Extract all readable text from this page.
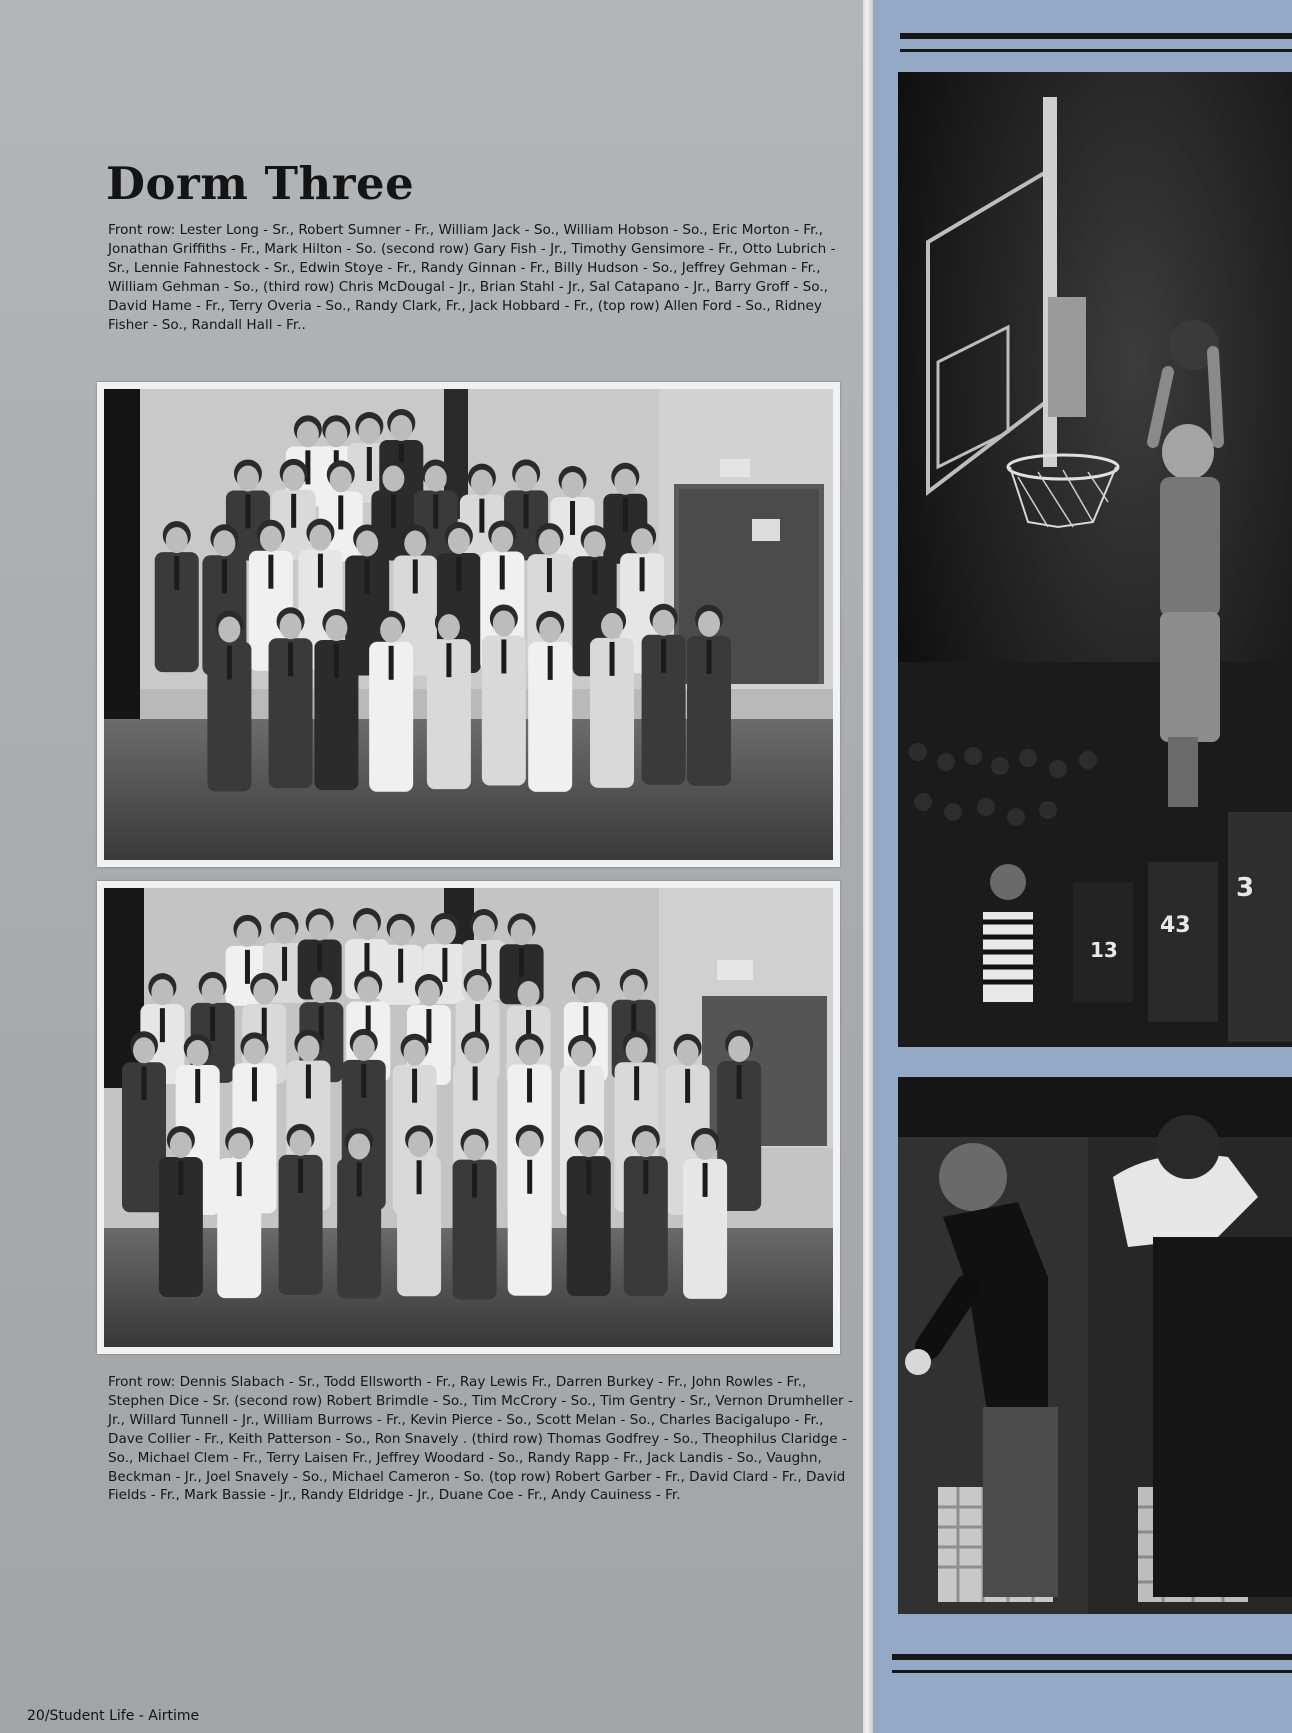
Dorm Three

Front row: Lester Long - Sr., Robert Sumner - Fr., William Jack - So., William Hobson - So., Eric Morton - Fr., Jonathan Griffiths - Fr., Mark Hilton - So. (second row) Gary Fish - Jr., Timothy Gensimore - Fr., Otto Lubrich - Sr., Lennie Fahnestock - Sr., Edwin Stoye - Fr., Randy Ginnan - Fr., Billy Hudson - So., Jeffrey Gehman - Fr., William Gehman - So., (third row) Chris McDougal - Jr., Brian Stahl - Jr., Sal Catapano - Jr., Barry Groff - So., David Hame - Fr., Terry Overia - So., Randy Clark, Fr., Jack Hobbard - Fr., (top row) Allen Ford - So., Ridney Fisher - So., Randall Hall - Fr..

Front row: Dennis Slabach - Sr., Todd Ellsworth - Fr., Ray Lewis Fr., Darren Burkey - Fr., John Rowles - Fr., Stephen Dice - Sr. (second row) Robert Brimdle - So., Tim McCrory - So., Tim Gentry - Sr., Vernon Drumheller - Jr., Willard Tunnell - Jr., William Burrows - Fr., Kevin Pierce - So., Scott Melan - So., Charles Bacigalupo - Fr., Dave Collier - Fr., Keith Patterson - So., Ron Snavely . (third row) Thomas Godfrey - So., Theophilus Claridge - So., Michael Clem - Fr., Terry Laisen Fr., Jeffrey Woodard - So., Randy Rapp - Fr., Jack Landis - So., Vaughn, Beckman - Jr., Joel Snavely - So., Michael Cameron - So. (top row) Robert Garber - Fr., David Clard - Fr., David Fields - Fr., Mark Bassie - Jr., Randy Eldridge - Jr., Duane Coe - Fr., Andy Cauiness - Fr.

13
43
3
20/Student Life - Airtime
